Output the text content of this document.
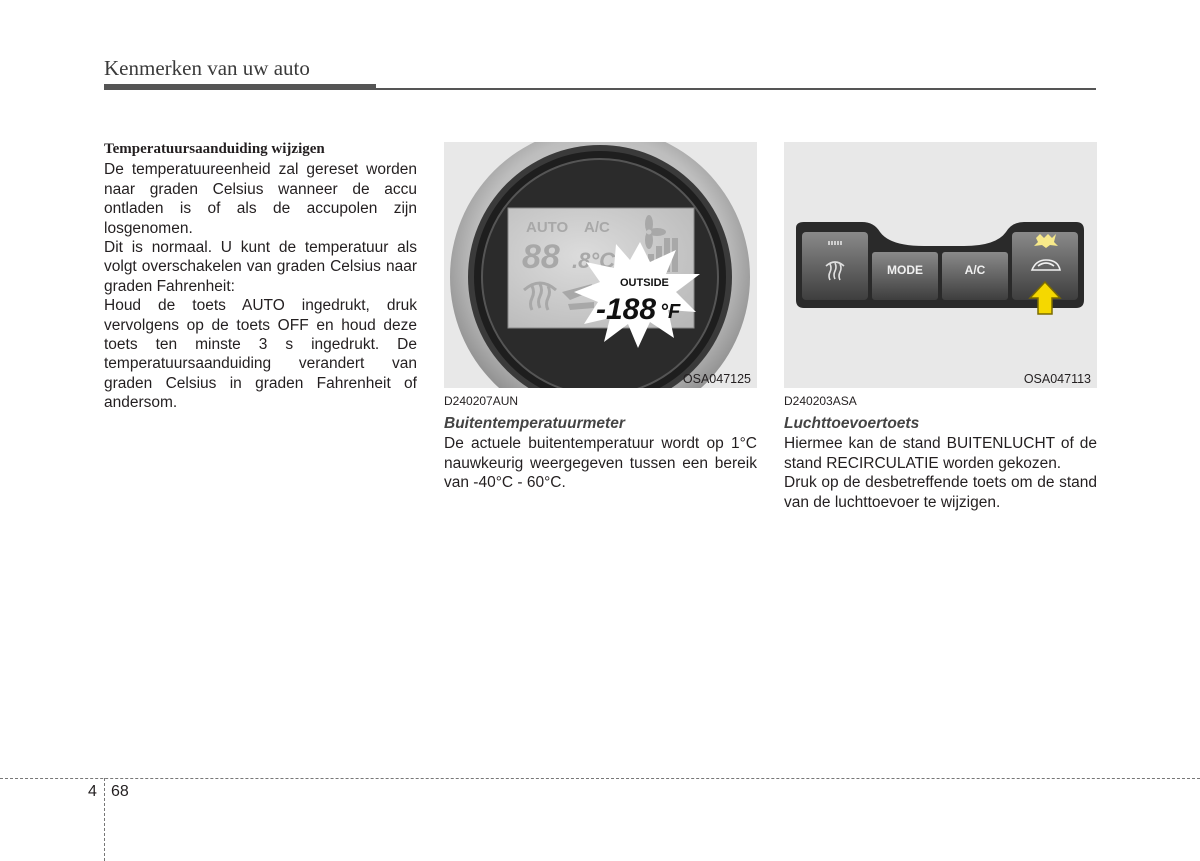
Kenmerken van uw auto
Temperatuursaanduiding wijzigen

De temperatuureenheid zal gereset worden naar graden Celsius wanneer de accu ontladen is of als de accupolen zijn losgenomen.

Dit is normaal. U kunt de temperatuur als volgt overschakelen van graden Celsius naar graden Fahrenheit:

Houd de toets AUTO ingedrukt, druk vervolgens op de toets OFF en houd deze toets ten minste 3 s ingedrukt. De temperatuursaanduiding verandert van graden Celsius in graden Fahrenheit of andersom.

AUTO A/C
88 .8°C
OUTSIDE
-188 °F
OSA047125
MODE	A/C
OSA047113
D240207AUN
Buitentemperatuurmeter

De actuele buitentemperatuur wordt op 1°C nauwkeurig weergegeven tussen een bereik van -40°C - 60°C.

D240203ASA
Luchttoevoertoets

Hiermee kan de stand BUITENLUCHT of de stand RECIRCULATIE worden gekozen.

Druk op de desbetreffende toets om de stand van de luchttoevoer te wijzigen.

4 68
